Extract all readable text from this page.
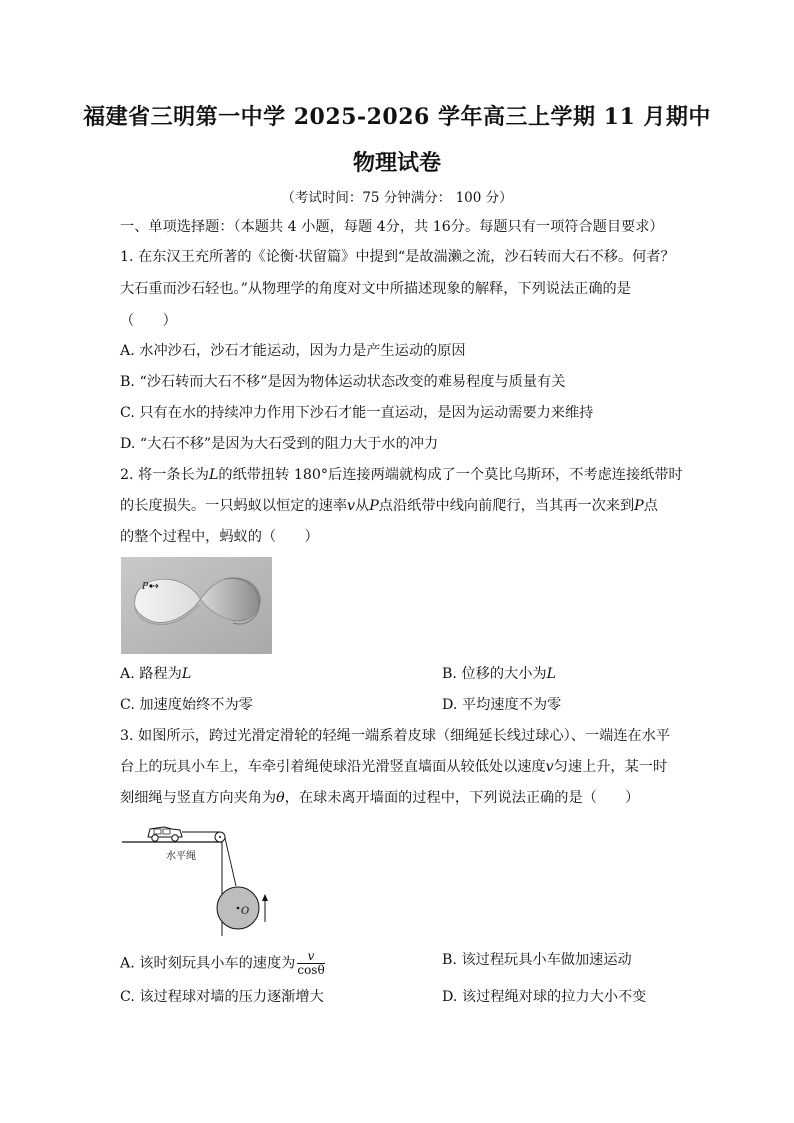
福建省三明第一中学 2025-2026 学年高三上学期 11 月期中
物理试卷
（考试时间：75 分钟满分： 100 分）
一、单项选择题：（本题共 4 小题，每题 4分，共 16分。每题只有一项符合题目要求）
1. 在东汉王充所著的《论衡·状留篇》中提到“是故湍濑之流，沙石转而大石不移。何者？
大石重而沙石轻也。”从物理学的角度对文中所描述现象的解释，下列说法正确的是
（　　）
A. 水冲沙石，沙石才能运动，因为力是产生运动的原因
B. “沙石转而大石不移”是因为物体运动状态改变的难易程度与质量有关
C. 只有在水的持续冲力作用下沙石才能一直运动，是因为运动需要力来维持
D. “大石不移”是因为大石受到的阻力大于水的冲力
2. 将一条长为L的纸带扭转 180°后连接两端就构成了一个莫比乌斯环，不考虑连接纸带时
的长度损失。一只蚂蚁以恒定的速率v从P点沿纸带中线向前爬行，当其再一次来到P点
的整个过程中，蚂蚁的（　　）
P
A. 路程为L	B. 位移的大小为L
C. 加速度始终不为零	D. 平均速度不为零
3. 如图所示，跨过光滑定滑轮的轻绳一端系着皮球（细绳延长线过球心）、一端连在水平
台上的玩具小车上，车牵引着绳使球沿光滑竖直墙面从较低处以速度v匀速上升，某一时
刻细绳与竖直方向夹角为θ，在球未离开墙面的过程中，下列说法正确的是（　　）
O
水平绳
A. 该时刻玩具小车的速度为 $\frac{v}{\cos\theta}$	B. 该过程玩具小车做加速运动
C. 该过程球对墙的压力逐渐增大	D. 该过程绳对球的拉力大小不变
